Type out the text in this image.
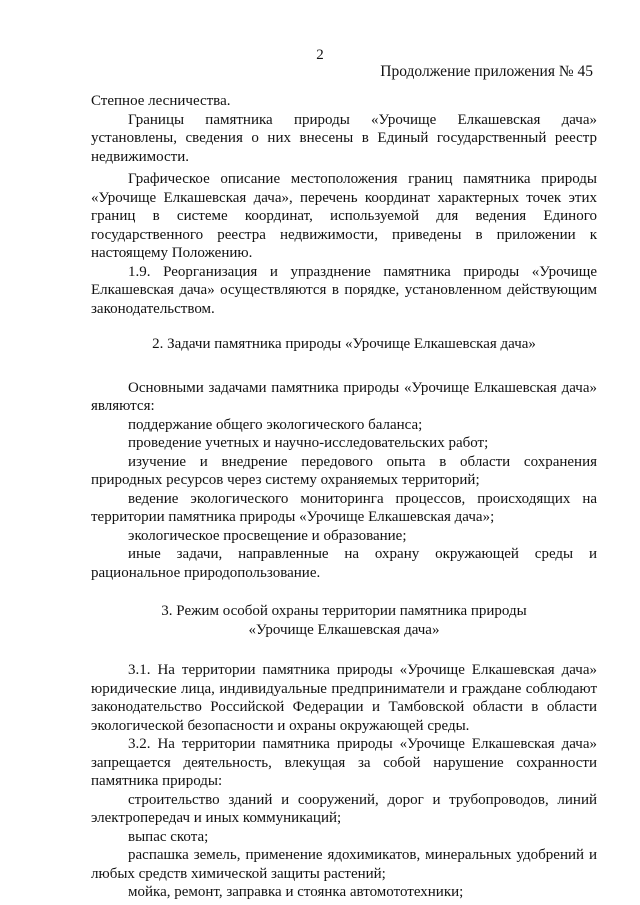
2
Продолжение приложения № 45

Степное лесничества.

Границы памятника природы «Урочище Елкашевская дача» установлены, сведения о них внесены в Единый государственный реестр недвижимости.

Графическое описание местоположения границ памятника природы «Урочище Елкашевская дача», перечень координат характерных точек этих границ в системе координат, используемой для ведения Единого государственного реестра недвижимости, приведены в приложении к настоящему Положению.

1.9. Реорганизация и упразднение памятника природы «Урочище Елкашевская дача» осуществляются в порядке, установленном действующим законодательством.

2. Задачи памятника природы «Урочище Елкашевская дача»

Основными задачами памятника природы «Урочище Елкашевская дача» являются:

поддержание общего экологического баланса;

проведение учетных и научно-исследовательских работ;

изучение и внедрение передового опыта в области сохранения природных ресурсов через систему охраняемых территорий;

ведение экологического мониторинга процессов, происходящих на территории памятника природы «Урочище Елкашевская дача»;

экологическое просвещение и образование;

иные задачи, направленные на охрану окружающей среды и рациональное природопользование.

3. Режим особой охраны территории памятника природы

«Урочище Елкашевская дача»

3.1. На территории памятника природы «Урочище Елкашевская дача» юридические лица, индивидуальные предприниматели и граждане соблюдают законодательство Российской Федерации и Тамбовской области в области экологической безопасности и охраны окружающей среды.

3.2. На территории памятника природы «Урочище Елкашевская дача» запрещается деятельность, влекущая за собой нарушение сохранности памятника природы:

строительство зданий и сооружений, дорог и трубопроводов, линий электропередач и иных коммуникаций;

выпас скота;

распашка земель, применение ядохимикатов, минеральных удобрений и любых средств химической защиты растений;

мойка, ремонт, заправка и стоянка автомототехники;
